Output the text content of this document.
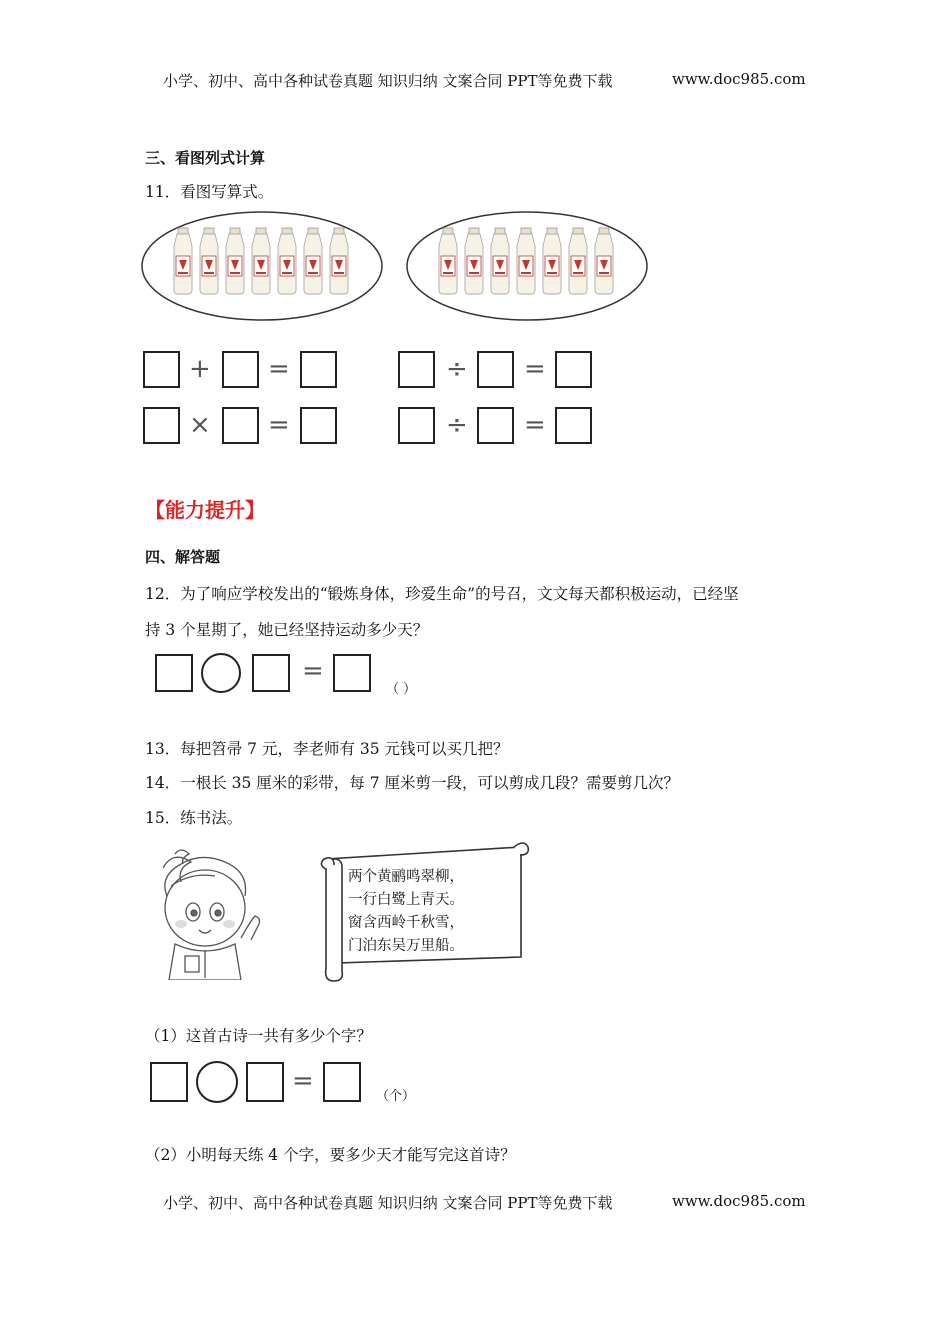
小学、初中、高中各种试卷真题 知识归纳 文案合同 PPT等免费下载	www.doc985.com
三、看图列式计算
11．看图写算式。
+ =	÷ =
× =	÷ =
【能力提升】
四、解答题
12．为了响应学校发出的“锻炼身体，珍爱生命”的号召，文文每天都积极运动，已经坚
持 3 个星期了，她已经坚持运动多少天？
=
（ ）
13．每把笤帚 7 元，李老师有 35 元钱可以买几把？
14．一根长 35 厘米的彩带，每 7 厘米剪一段，可以剪成几段？需要剪几次？
15．练书法。
两个黄鹂鸣翠柳，
一行白鹭上青天。
窗含西岭千秋雪，
门泊东吴万里船。
（1）这首古诗一共有多少个字？
=
（个）
（2）小明每天练 4 个字，要多少天才能写完这首诗？
小学、初中、高中各种试卷真题 知识归纳 文案合同 PPT等免费下载	www.doc985.com
